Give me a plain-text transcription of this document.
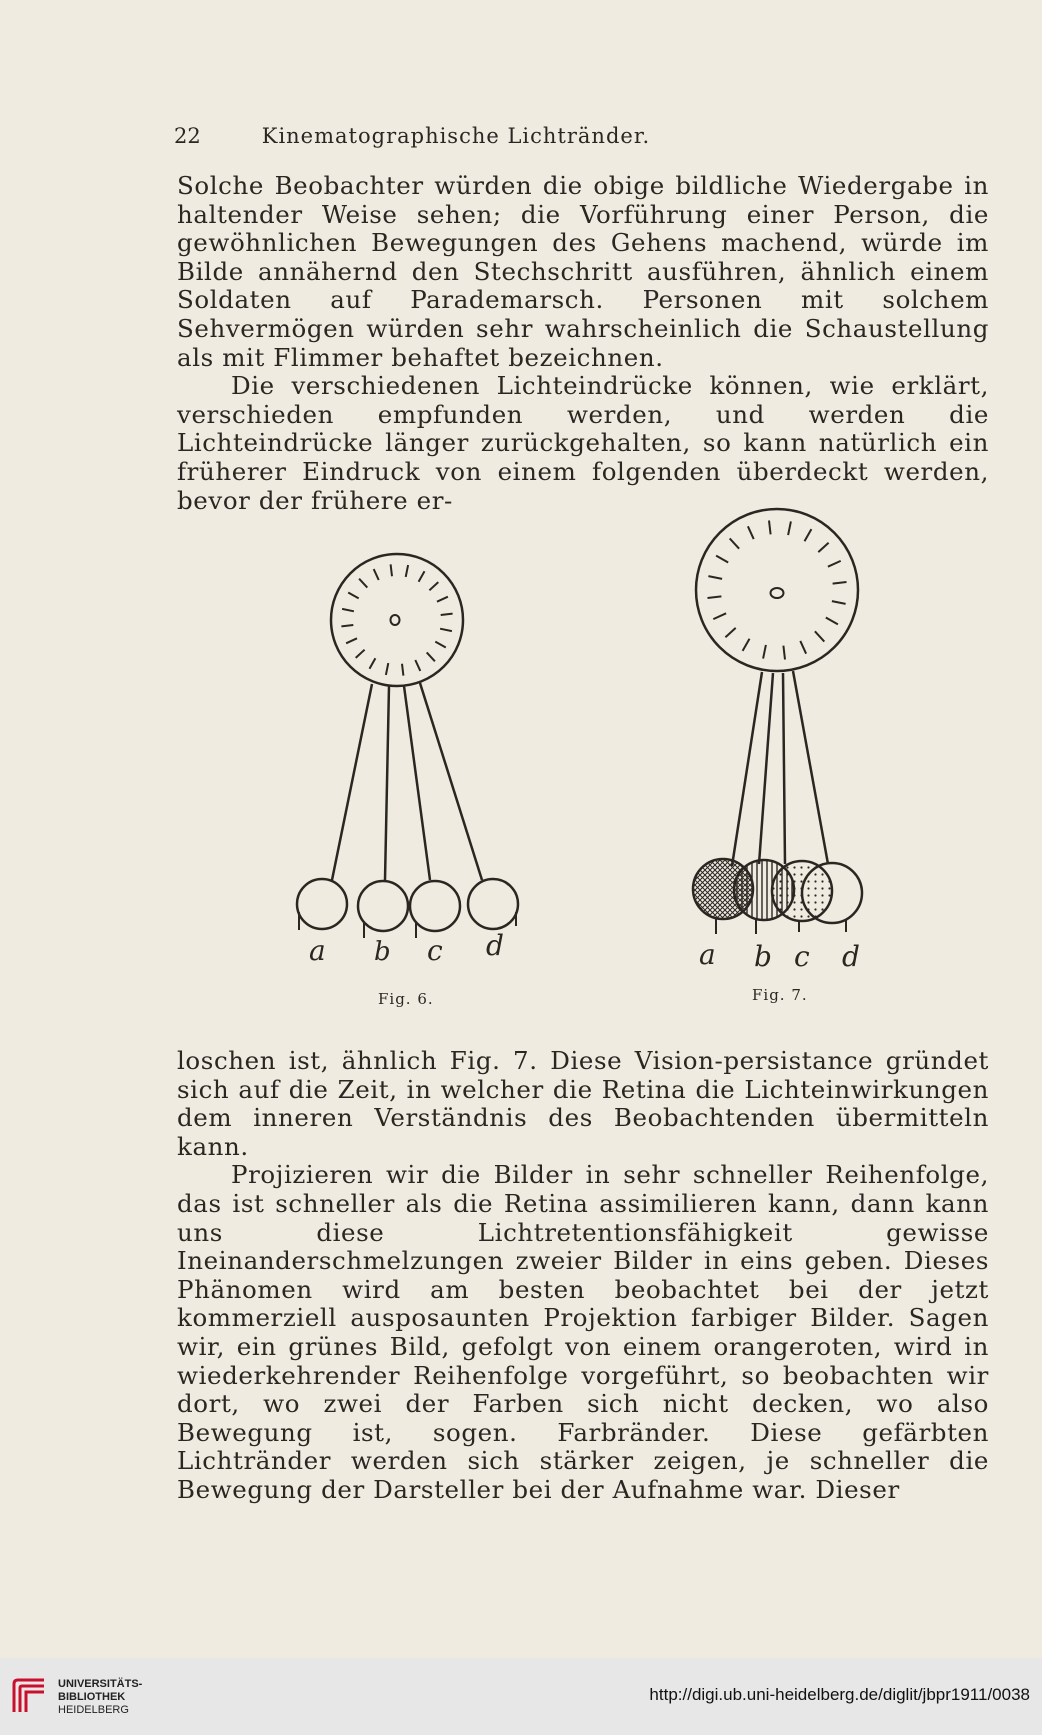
22	Kinematographische Lichtränder.

Solche Beobachter würden die obige bildliche Wiedergabe in haltender Weise sehen; die Vorführung einer Person, die gewöhnlichen Bewegungen des Gehens machend, würde im Bilde annähernd den Stechschritt ausführen, ähnlich einem Soldaten auf Parademarsch. Personen mit solchem Sehvermögen würden sehr wahrscheinlich die Schaustellung als mit Flimmer behaftet bezeichnen.

Die verschiedenen Lichteindrücke können, wie erklärt, verschieden empfunden werden, und werden die Lichteindrücke länger zurückgehalten, so kann natürlich ein früherer Eindruck von einem folgenden überdeckt werden, bevor der frühere er-

a b c d	a b c d
Fig. 6.	Fig. 7.

loschen ist, ähnlich Fig. 7. Diese Vision-persistance gründet sich auf die Zeit, in welcher die Retina die Lichteinwirkungen dem inneren Verständnis des Beobachtenden übermitteln kann.

Projizieren wir die Bilder in sehr schneller Reihenfolge, das ist schneller als die Retina assimilieren kann, dann kann uns diese Lichtretentionsfähigkeit gewisse Ineinanderschmelzungen zweier Bilder in eins geben. Dieses Phänomen wird am besten beobachtet bei der jetzt kommerziell ausposaunten Projektion farbiger Bilder. Sagen wir, ein grünes Bild, gefolgt von einem orangeroten, wird in wiederkehrender Reihenfolge vorgeführt, so beobachten wir dort, wo zwei der Farben sich nicht decken, wo also Bewegung ist, sogen. Farbränder. Diese gefärbten Lichtränder werden sich stärker zeigen, je schneller die Bewegung der Darsteller bei der Aufnahme war. Dieser

UNIVERSITÄTS-
BIBLIOTHEK
HEIDELBERG
http://digi.ub.uni-heidelberg.de/diglit/jbpr1911/0038
